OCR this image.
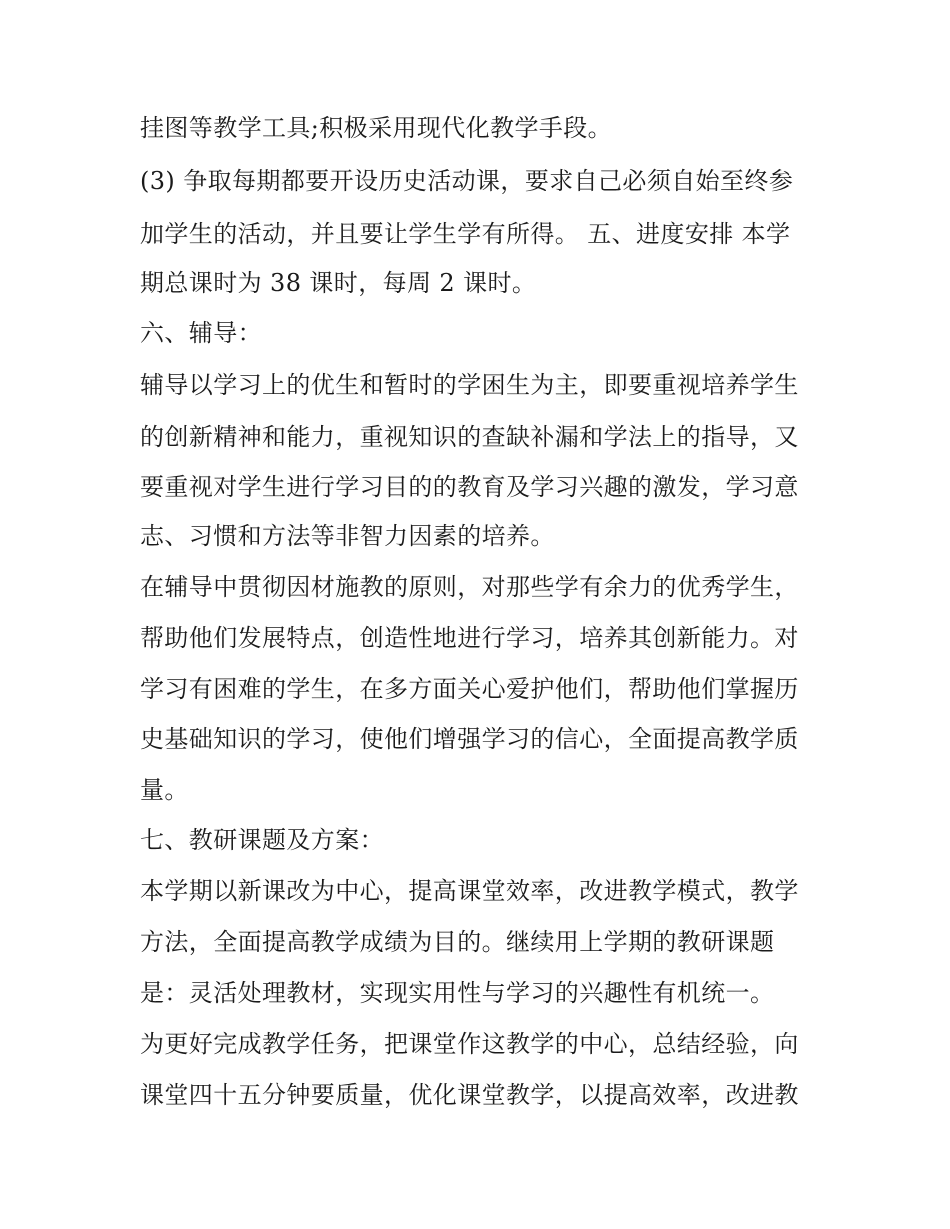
挂图等教学工具;积极采用现代化教学手段。
(3) 争取每期都要开设历史活动课，要求自己必须自始至终参
加学生的活动，并且要让学生学有所得。 五、进度安排 本学
期总课时为 38 课时，每周 2 课时。
六、辅导：
辅导以学习上的优生和暂时的学困生为主，即要重视培养学生
的创新精神和能力，重视知识的查缺补漏和学法上的指导，又
要重视对学生进行学习目的的教育及学习兴趣的激发，学习意
志、习惯和方法等非智力因素的培养。
在辅导中贯彻因材施教的原则，对那些学有余力的优秀学生，
帮助他们发展特点，创造性地进行学习，培养其创新能力。对
学习有困难的学生，在多方面关心爱护他们，帮助他们掌握历
史基础知识的学习，使他们增强学习的信心，全面提高教学质
量。
七、教研课题及方案：
本学期以新课改为中心，提高课堂效率，改进教学模式，教学
方法，全面提高教学成绩为目的。继续用上学期的教研课题
是：灵活处理教材，实现实用性与学习的兴趣性有机统一。
为更好完成教学任务，把课堂作这教学的中心，总结经验，向
课堂四十五分钟要质量，优化课堂教学，以提高效率，改进教
